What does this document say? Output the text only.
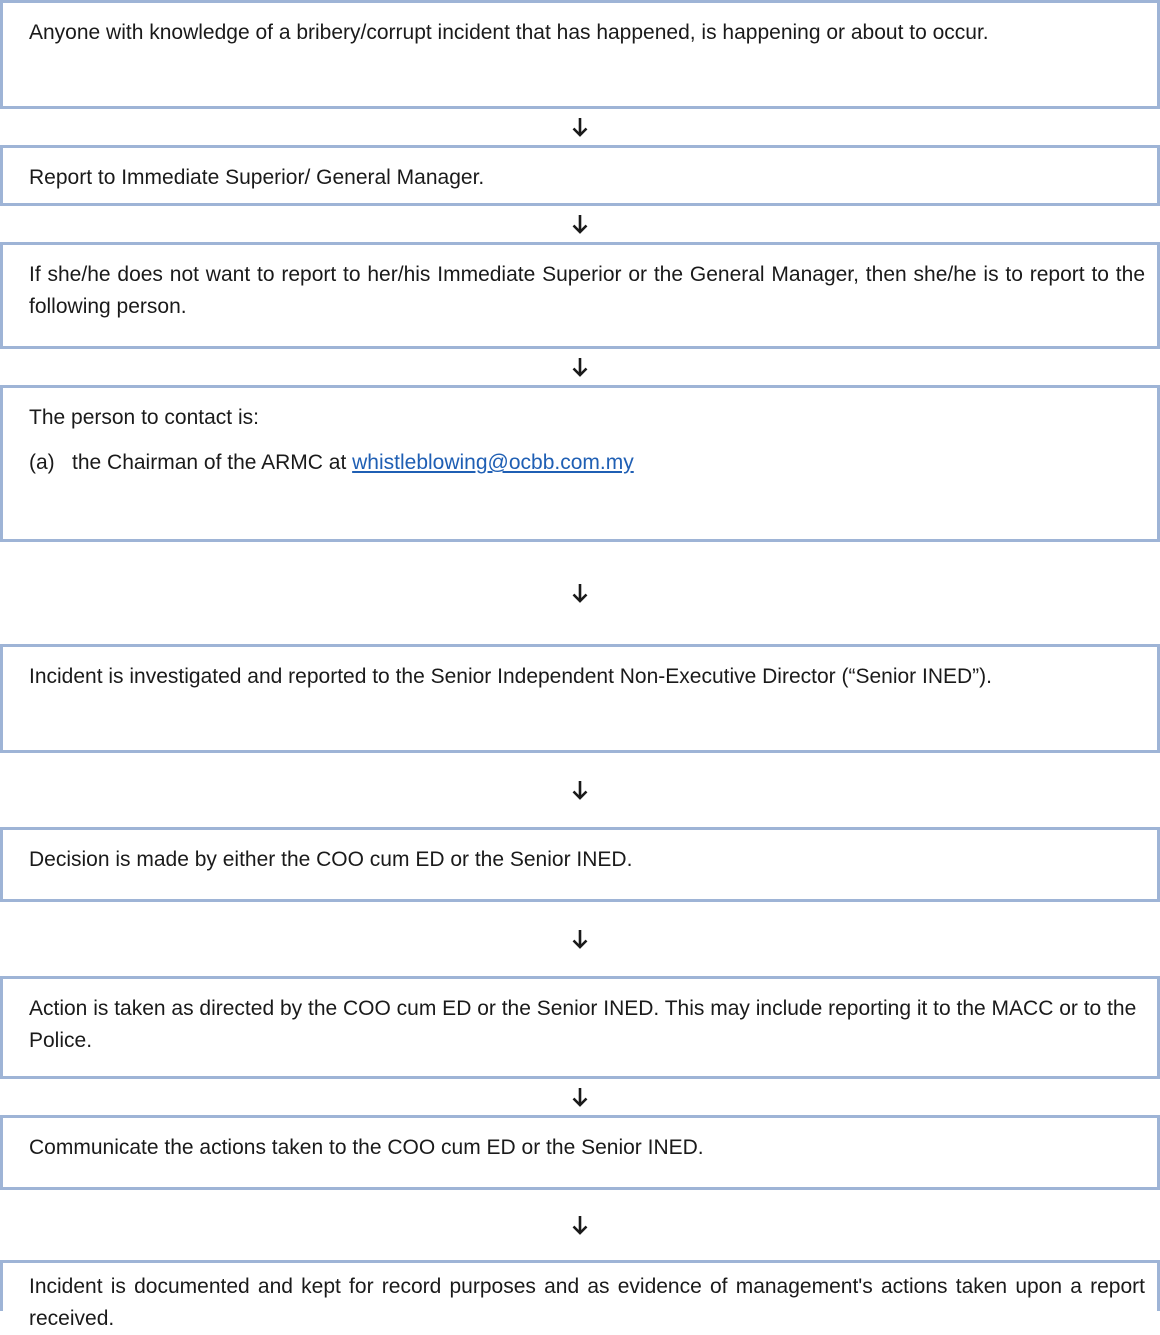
Anyone with knowledge of a bribery/corrupt incident that has happened, is happening or about to occur.
Report to Immediate Superior/ General Manager.
If she/he does not want to report to her/his Immediate Superior or the General Manager, then she/he is to report to the following person.

The person to contact is:

(a) the Chairman of the ARMC at whistleblowing@ocbb.com.my

Incident is investigated and reported to the Senior Independent Non-Executive Director (“Senior INED”).
Decision is made by either the COO cum ED or the Senior INED.
Action is taken as directed by the COO cum ED or the Senior INED. This may include reporting it to the MACC or to the Police.
Communicate the actions taken to the COO cum ED or the Senior INED.
Incident is documented and kept for record purposes and as evidence of management's actions taken upon a report received.
